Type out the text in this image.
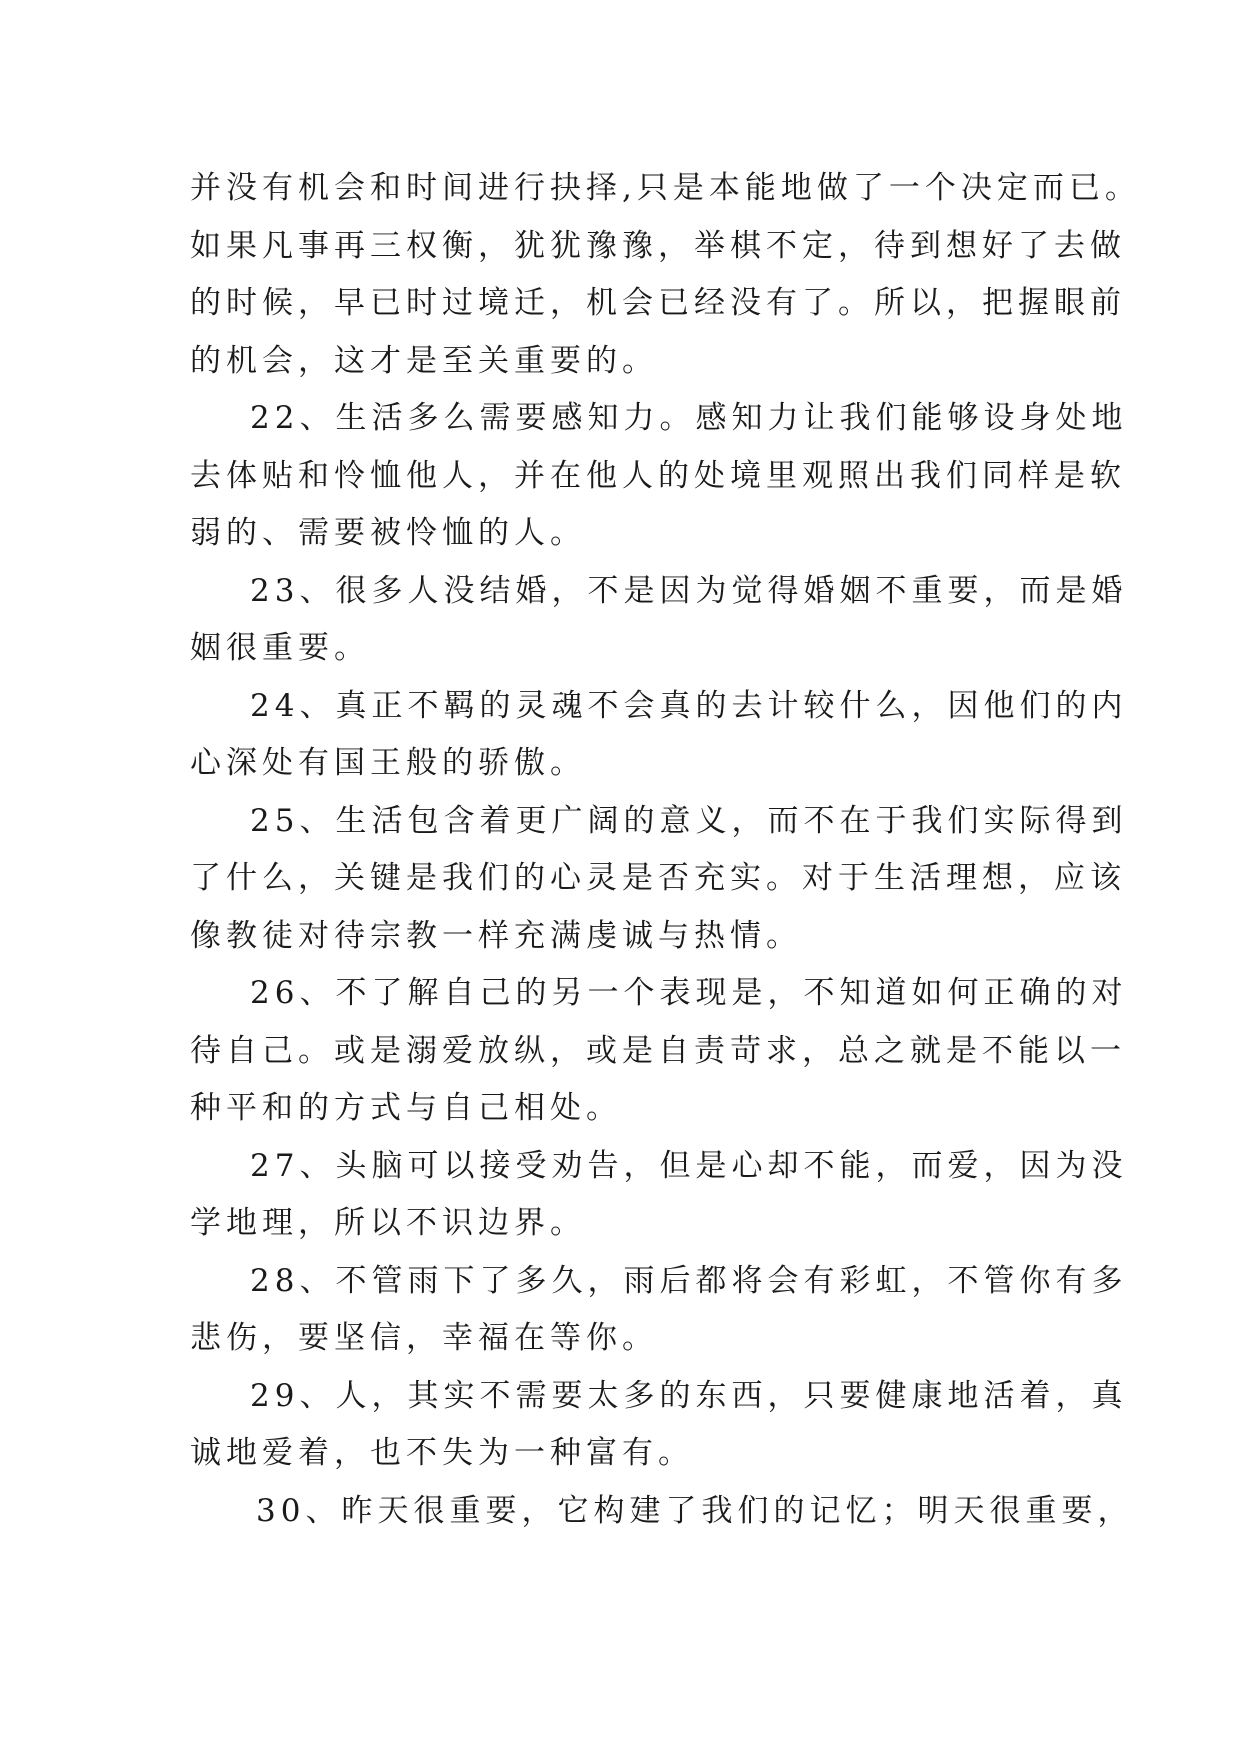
并没有机会和时间进行抉择,只是本能地做了一个决定而已。
如果凡事再三权衡，犹犹豫豫，举棋不定，待到想好了去做
的时候，早已时过境迁，机会已经没有了。所以，把握眼前
的机会，这才是至关重要的。
22、生活多么需要感知力。感知力让我们能够设身处地
去体贴和怜恤他人，并在他人的处境里观照出我们同样是软
弱的、需要被怜恤的人。
23、很多人没结婚，不是因为觉得婚姻不重要，而是婚
姻很重要。
24、真正不羁的灵魂不会真的去计较什么，因他们的内
心深处有国王般的骄傲。
25、生活包含着更广阔的意义，而不在于我们实际得到
了什么，关键是我们的心灵是否充实。对于生活理想，应该
像教徒对待宗教一样充满虔诚与热情。
26、不了解自己的另一个表现是，不知道如何正确的对
待自己。或是溺爱放纵，或是自责苛求，总之就是不能以一
种平和的方式与自己相处。
27、头脑可以接受劝告，但是心却不能，而爱，因为没
学地理，所以不识边界。
28、不管雨下了多久，雨后都将会有彩虹，不管你有多
悲伤，要坚信，幸福在等你。
29、人，其实不需要太多的东西，只要健康地活着，真
诚地爱着，也不失为一种富有。
30、昨天很重要，它构建了我们的记忆；明天很重要，
